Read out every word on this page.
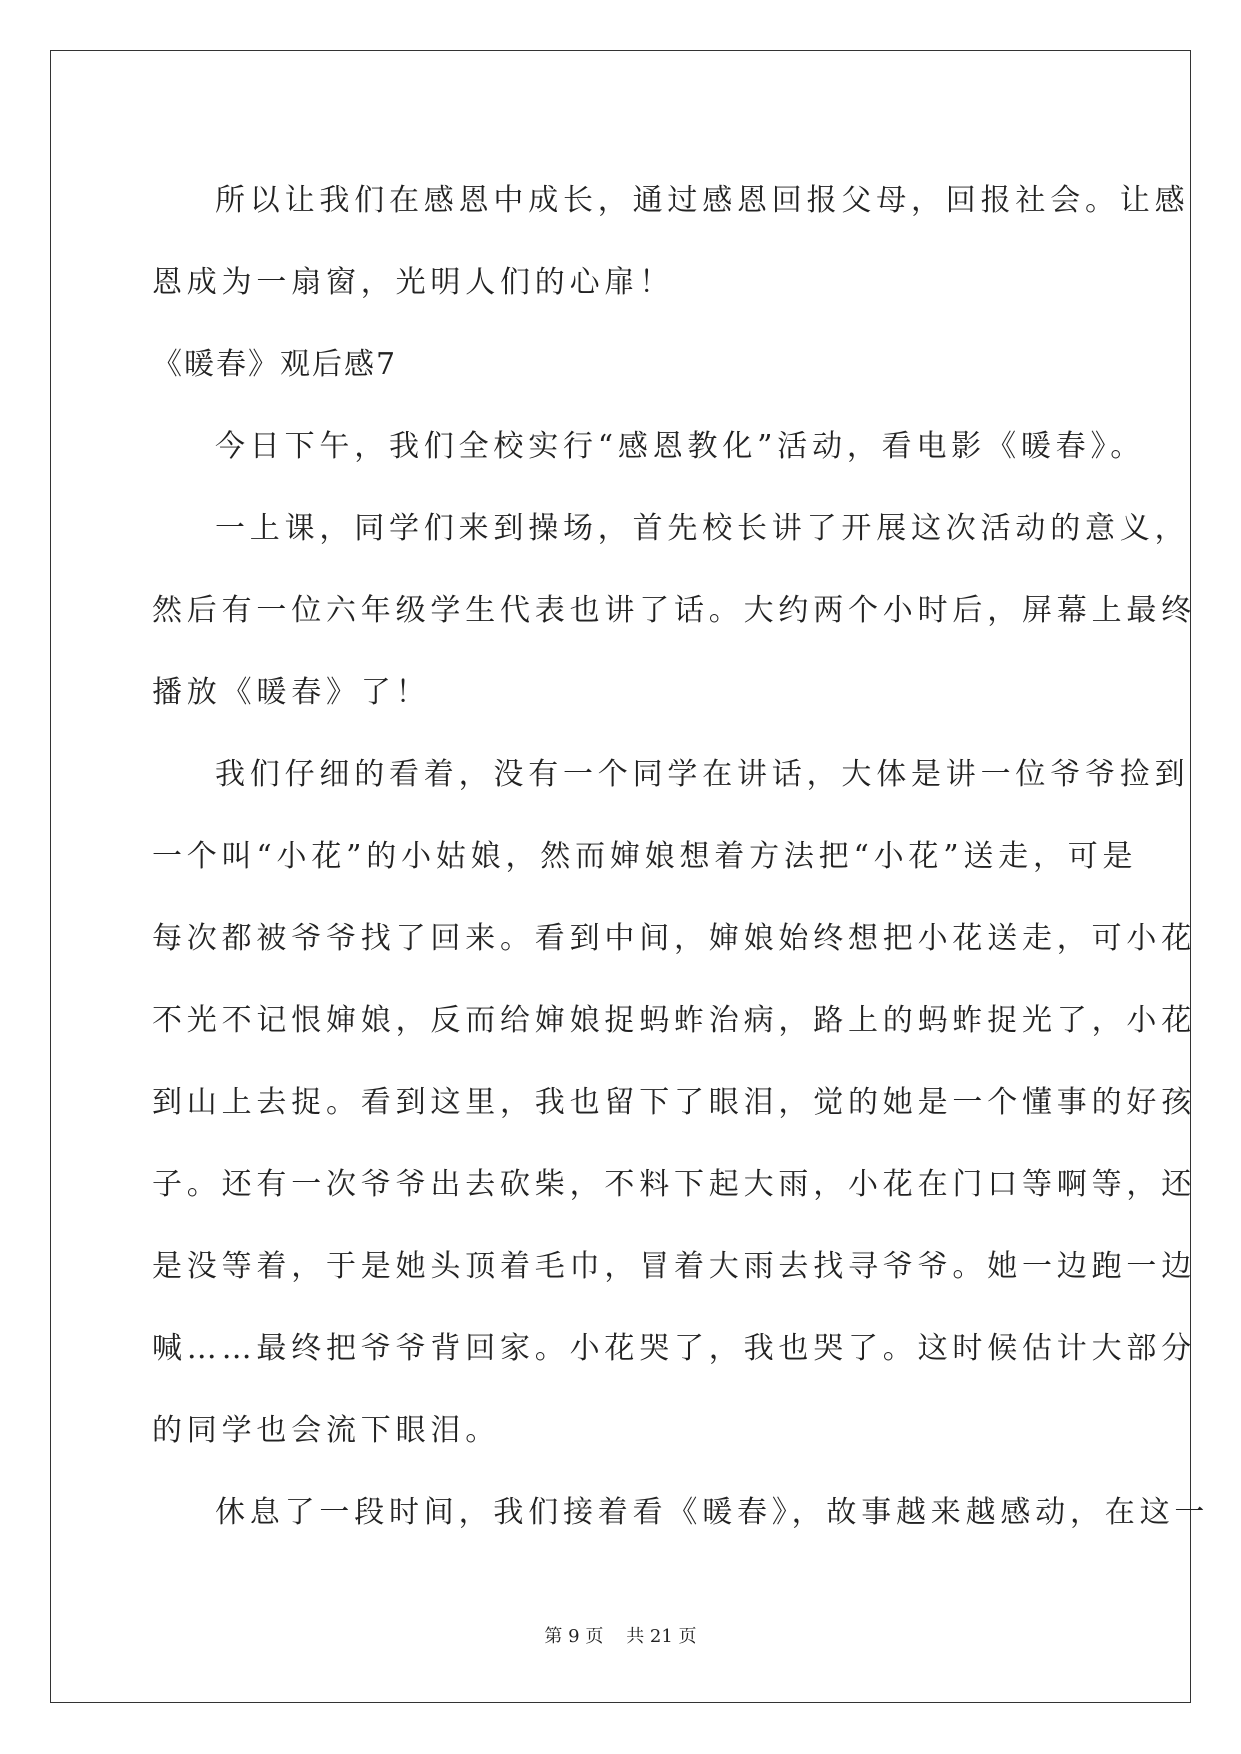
所以让我们在感恩中成长，通过感恩回报父母，回报社会。让感
恩成为一扇窗，光明人们的心扉！
《暖春》观后感7
今日下午，我们全校实行“感恩教化”活动，看电影《暖春》。
一上课，同学们来到操场，首先校长讲了开展这次活动的意义，
然后有一位六年级学生代表也讲了话。大约两个小时后，屏幕上最终
播放《暖春》了！
我们仔细的看着，没有一个同学在讲话，大体是讲一位爷爷捡到
一个叫“小花”的小姑娘，然而婶娘想着方法把“小花”送走，可是
每次都被爷爷找了回来。看到中间，婶娘始终想把小花送走，可小花
不光不记恨婶娘，反而给婶娘捉蚂蚱治病，路上的蚂蚱捉光了，小花
到山上去捉。看到这里，我也留下了眼泪，觉的她是一个懂事的好孩
子。还有一次爷爷出去砍柴，不料下起大雨，小花在门口等啊等，还
是没等着，于是她头顶着毛巾，冒着大雨去找寻爷爷。她一边跑一边
喊……最终把爷爷背回家。小花哭了，我也哭了。这时候估计大部分
的同学也会流下眼泪。
休息了一段时间，我们接着看《暖春》，故事越来越感动，在这一
第 9 页    共 21 页
